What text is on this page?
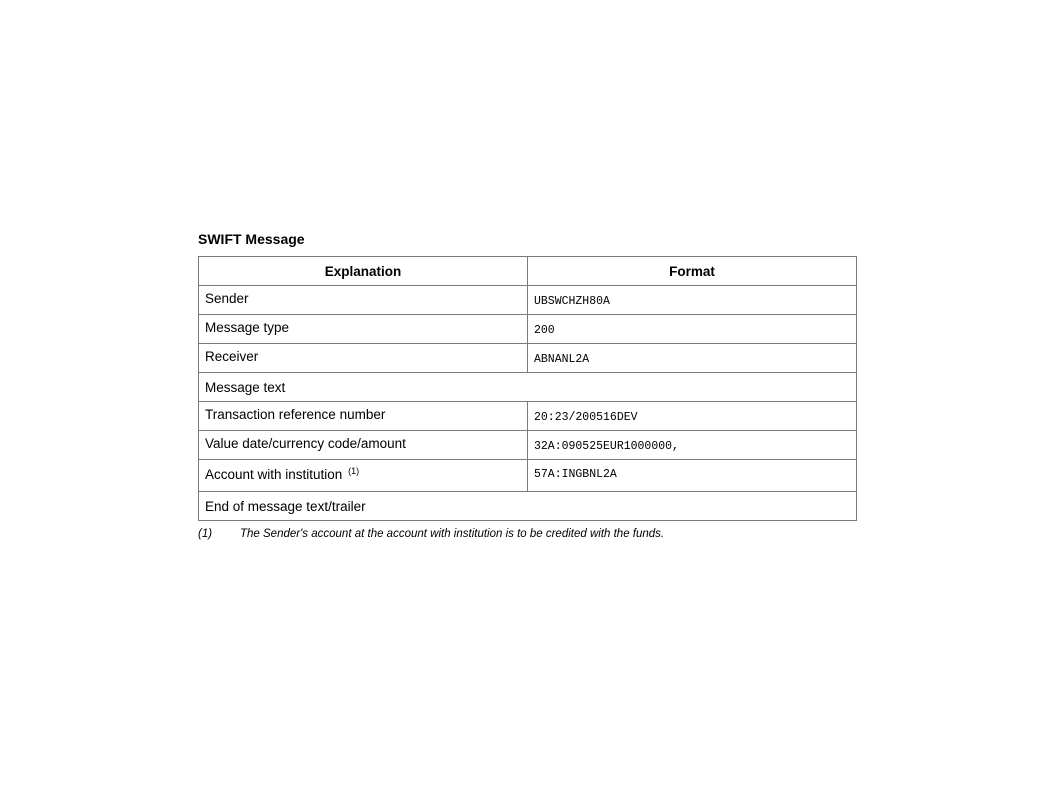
SWIFT Message
Explanation	Format
Sender	UBSWCHZH80A
Message type	200
Receiver	ABNANL2A
Message text	
Transaction reference number	20:23/200516DEV
Value date/currency code/amount	32A:090525EUR1000000,
Account with institution $^{(1)}$	57A:INGBNL2A
End of message text/trailer	
(1)	The Sender's account at the account with institution is to be credited with the funds.
